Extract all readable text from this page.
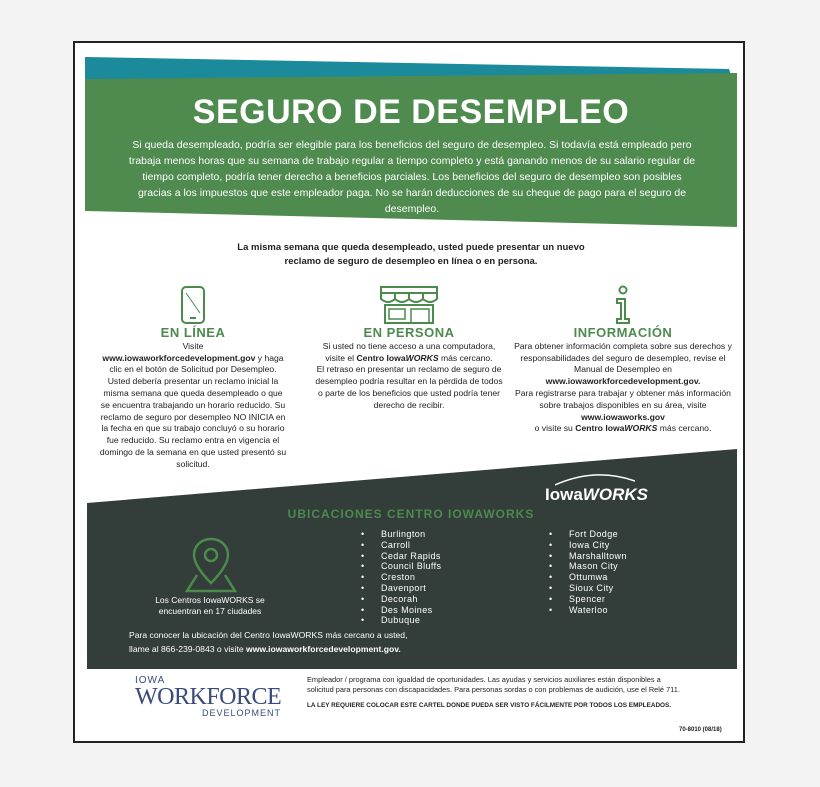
SEGURO DE DESEMPLEO

Si queda desempleado, podría ser elegible para los beneficios del seguro de desempleo. Si todavía está empleado pero trabaja menos horas que su semana de trabajo regular a tiempo completo y está ganando menos de su salario regular de tiempo completo, podría tener derecho a beneficios parciales. Los beneficios del seguro de desempleo son posibles gracias a los impuestos que este empleador paga. No se harán deducciones de su cheque de pago para el seguro de desempleo.

La misma semana que queda desempleado, usted puede presentar un nuevo
reclamo de seguro de desempleo en línea o en persona.
EN LÍNEA

Visite
www.iowaworkforcedevelopment.gov y haga clic en el botón de Solicitud por Desempleo. Usted debería presentar un reclamo inicial la misma semana que queda desempleado o que se encuentra trabajando un horario reducido. Su reclamo de seguro por desempleo NO INICIA en la fecha en que su trabajo concluyó o su horario fue reducido. Su reclamo entra en vigencia el domingo de la semana en que usted presentó su solicitud.

EN PERSONA

Si usted no tiene acceso a una computadora, visite el Centro IowaWORKS más cercano.
El retraso en presentar un reclamo de seguro de desempleo podría resultar en la pérdida de todos o parte de los beneficios que usted podría tener derecho de recibir.

INFORMACIÓN

Para obtener información completa sobre sus derechos y responsabilidades del seguro de desempleo, revise el Manual de Desempleo en
www.iowaworkforcedevelopment.gov.
Para registrarse para trabajar y obtener más información sobre trabajos disponibles en su área, visite www.iowaworks.gov
o visite su Centro IowaWORKS más cercano.

IowaWORKS
UBICACIONES CENTRO IOWAWORKS
Los Centros IowaWORKS se encuentran en 17 ciudades
• Burlington
• Carroll
• Cedar Rapids
• Council Bluffs
• Creston
• Davenport
• Decorah
• Des Moines
• Dubuque
• Fort Dodge
• Iowa City
• Marshalltown
• Mason City
• Ottumwa
• Sioux City
• Spencer
• Waterloo
Para conocer la ubicación del Centro IowaWORKS más cercano a usted,
llame al 866-239-0843 o visite www.iowaworkforcedevelopment.gov.
IOWA
WORKFORCE
DEVELOPMENT
Empleador / programa con igualdad de oportunidades. Las ayudas y servicios auxiliares están disponibles a solicitud para personas con discapacidades. Para personas sordas o con problemas de audición, use el Relé 711.
LA LEY REQUIERE COLOCAR ESTE CARTEL DONDE PUEDA SER VISTO FÁCILMENTE POR TODOS LOS EMPLEADOS.
70-8010 (08/18)
